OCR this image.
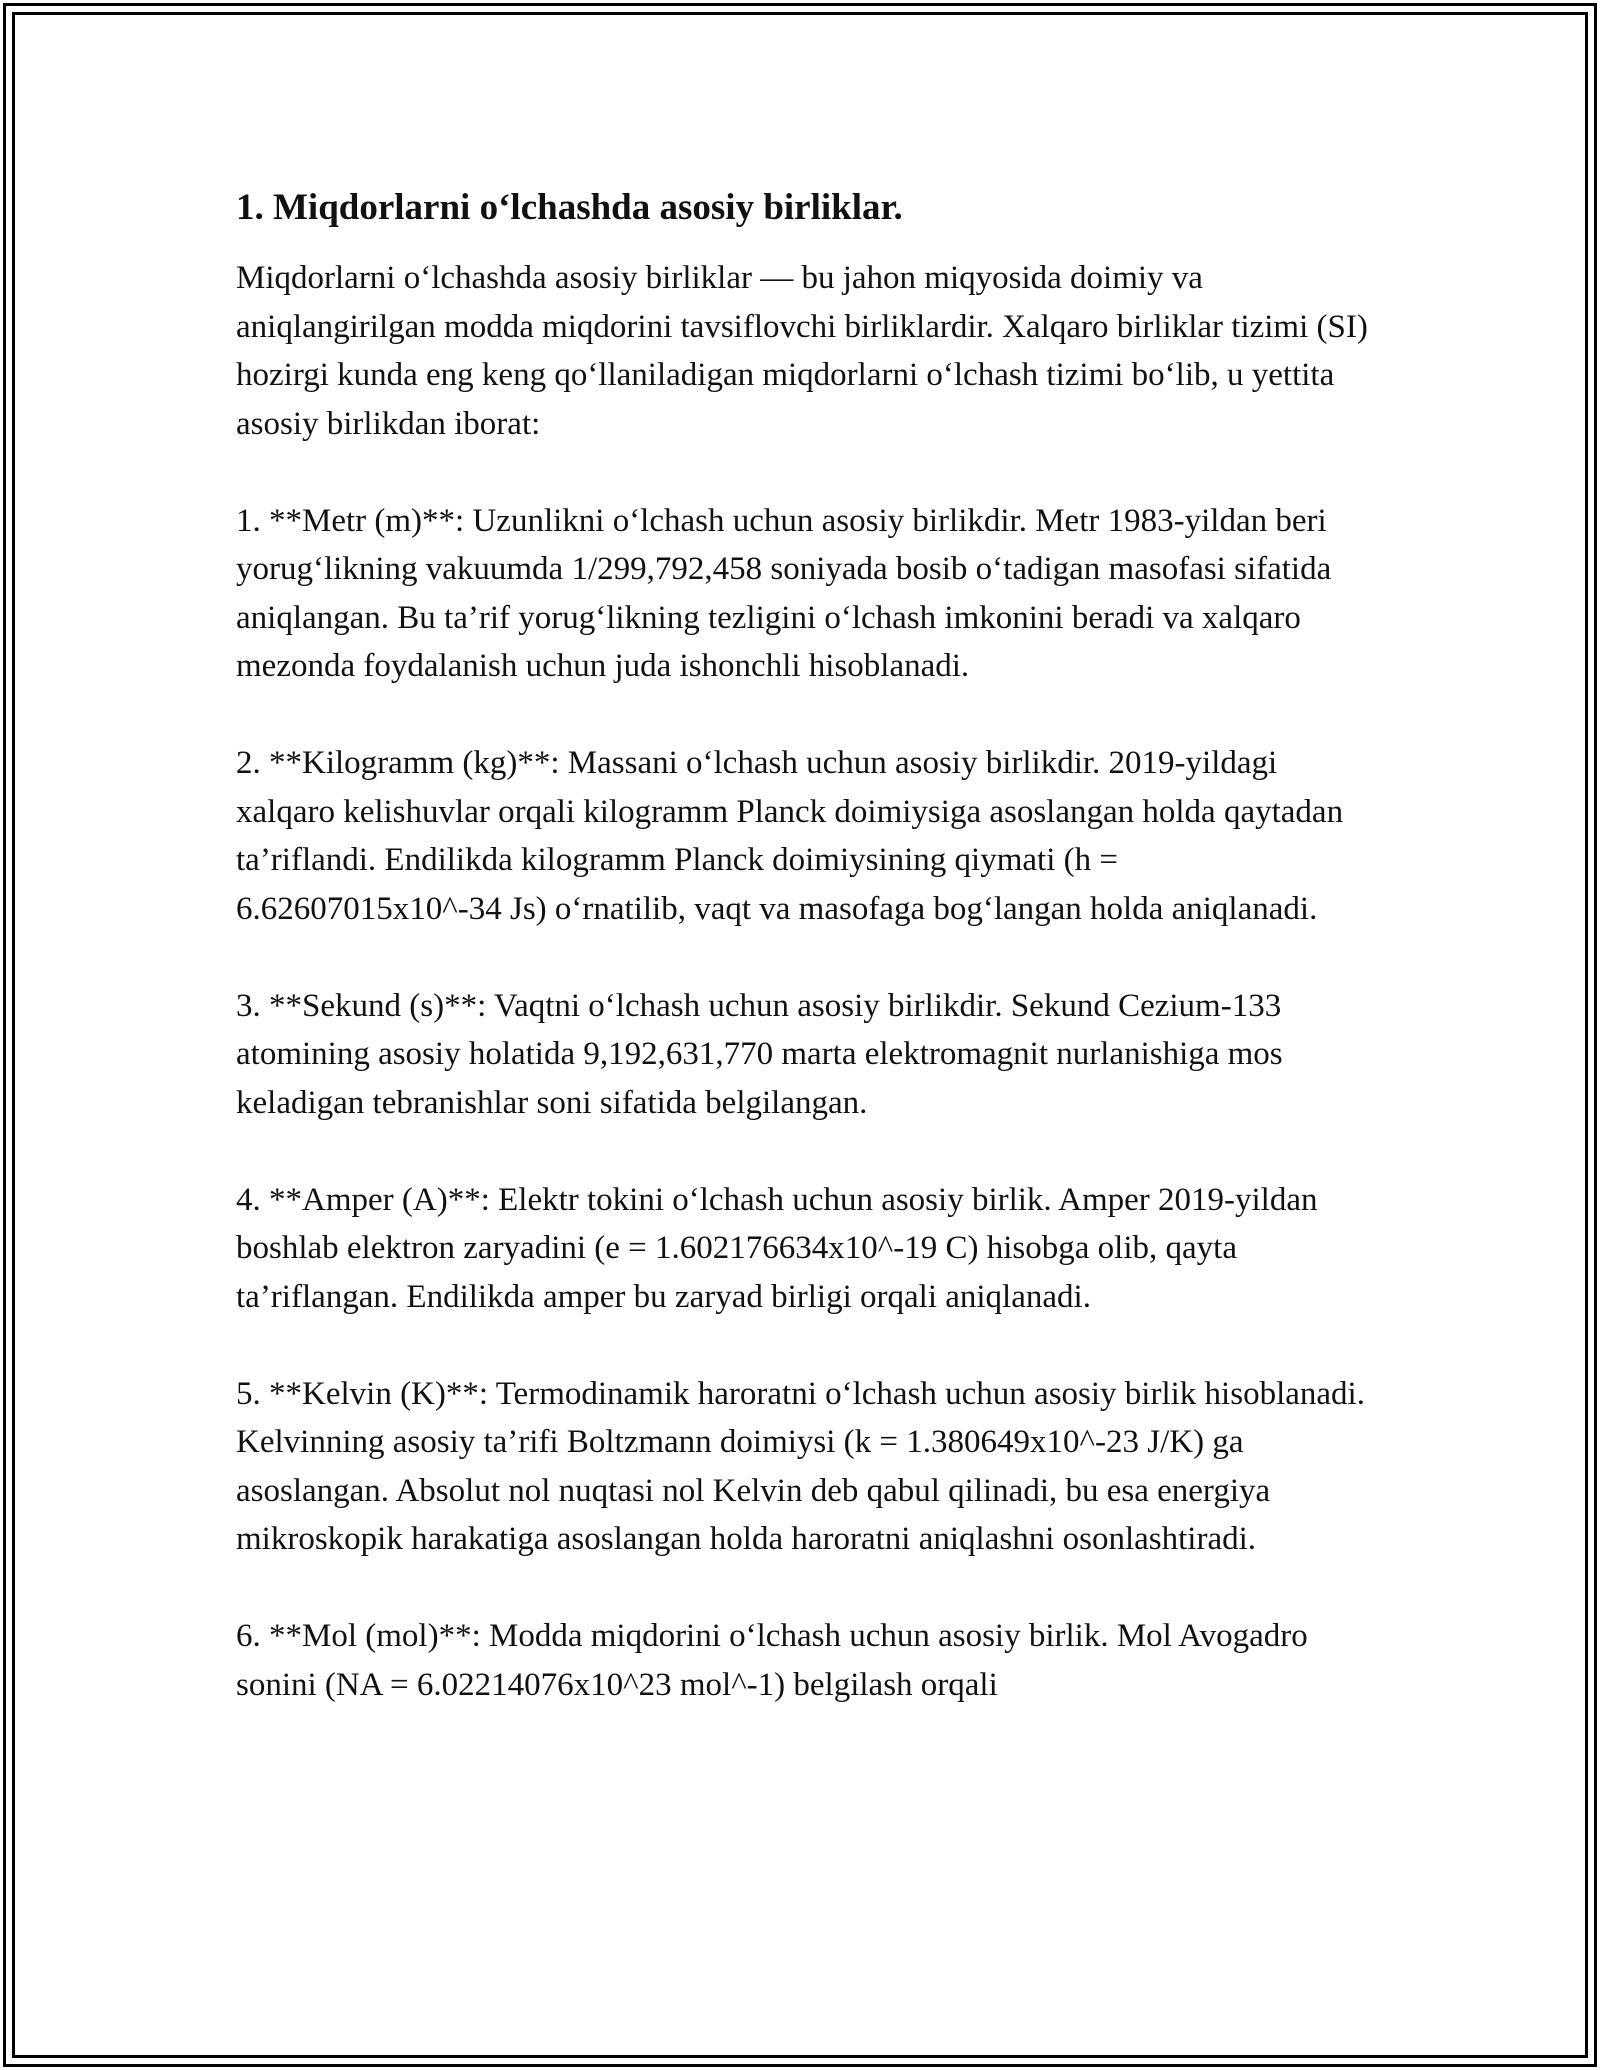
1. Miqdorlarni o‘lchashda asosiy birliklar.

Miqdorlarni o‘lchashda asosiy birliklar — bu jahon miqyosida doimiy va aniqlangirilgan modda miqdorini tavsiflovchi birliklardir. Xalqaro birliklar tizimi (SI) hozirgi kunda eng keng qo‘llaniladigan miqdorlarni o‘lchash tizimi bo‘lib, u yettita asosiy birlikdan iborat:

1. **Metr (m)**: Uzunlikni o‘lchash uchun asosiy birlikdir. Metr 1983-yildan beri yorug‘likning vakuumda 1/299,792,458 soniyada bosib o‘tadigan masofasi sifatida aniqlangan. Bu ta’rif yorug‘likning tezligini o‘lchash imkonini beradi va xalqaro mezonda foydalanish uchun juda ishonchli hisoblanadi.

2. **Kilogramm (kg)**: Massani o‘lchash uchun asosiy birlikdir. 2019-yildagi xalqaro kelishuvlar orqali kilogramm Planck doimiysiga asoslangan holda qaytadan ta’riflandi. Endilikda kilogramm Planck doimiysining qiymati (h = 6.62607015x10^-34 Js) o‘rnatilib, vaqt va masofaga bog‘langan holda aniqlanadi.

3. **Sekund (s)**: Vaqtni o‘lchash uchun asosiy birlikdir. Sekund Cezium-133 atomining asosiy holatida 9,192,631,770 marta elektromagnit nurlanishiga mos keladigan tebranishlar soni sifatida belgilangan.

4. **Amper (A)**: Elektr tokini o‘lchash uchun asosiy birlik. Amper 2019-yildan boshlab elektron zaryadini (e = 1.602176634x10^-19 C) hisobga olib, qayta ta’riflangan. Endilikda amper bu zaryad birligi orqali aniqlanadi.

5. **Kelvin (K)**: Termodinamik haroratni o‘lchash uchun asosiy birlik hisoblanadi. Kelvinning asosiy ta’rifi Boltzmann doimiysi (k = 1.380649x10^-23 J/K) ga asoslangan. Absolut nol nuqtasi nol Kelvin deb qabul qilinadi, bu esa energiya mikroskopik harakatiga asoslangan holda haroratni aniqlashni osonlashtiradi.

6. **Mol (mol)**: Modda miqdorini o‘lchash uchun asosiy birlik. Mol Avogadro sonini (NA = 6.02214076x10^23 mol^-1) belgilash orqali
